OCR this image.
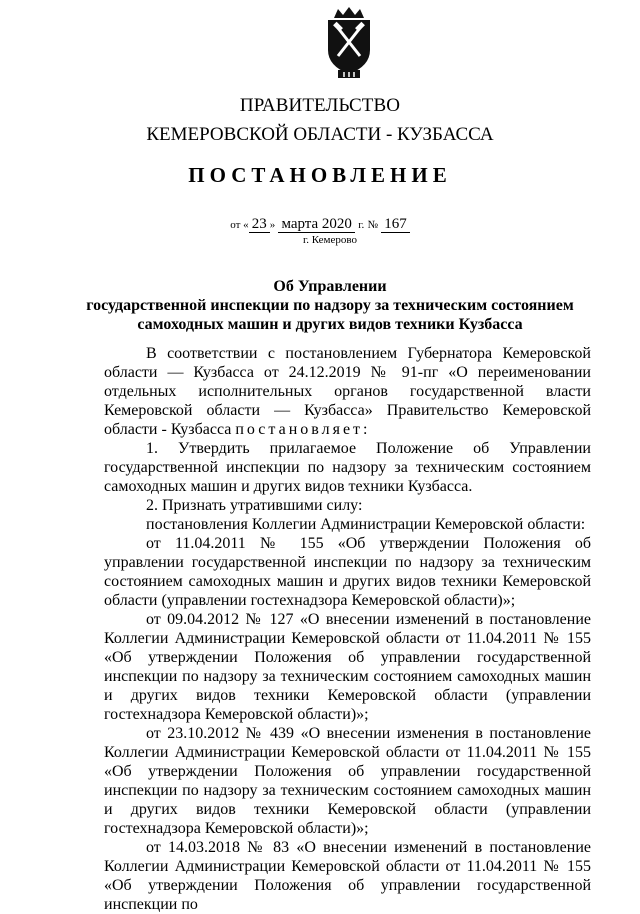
ПРАВИТЕЛЬСТВО
КЕМЕРОВСКОЙ ОБЛАСТИ - КУЗБАССА
ПОСТАНОВЛЕНИЕ
от « 23 » марта 2020 г. № 167
г. Кемерово
Об Управлении
государственной инспекции по надзору за техническим состоянием
самоходных машин и других видов техники Кузбасса

В соответствии с постановлением Губернатора Кемеровской области — Кузбасса от 24.12.2019 № 91-пг «О переименовании отдельных исполнительных органов государственной власти Кемеровской области — Кузбасса» Правительство Кемеровской области - Кузбасса постановляет:

1. Утвердить прилагаемое Положение об Управлении государственной инспекции по надзору за техническим состоянием самоходных машин и других видов техники Кузбасса.

2. Признать утратившими силу:

постановления Коллегии Администрации Кемеровской области:

от 11.04.2011 № 155 «Об утверждении Положения об управлении государственной инспекции по надзору за техническим состоянием самоходных машин и других видов техники Кемеровской области (управлении гостехнадзора Кемеровской области)»;

от 09.04.2012 № 127 «О внесении изменений в постановление Коллегии Администрации Кемеровской области от 11.04.2011 № 155 «Об утверждении Положения об управлении государственной инспекции по надзору за техническим состоянием самоходных машин и других видов техники Кемеровской области (управлении гостехнадзора Кемеровской области)»;

от 23.10.2012 № 439 «О внесении изменения в постановление Коллегии Администрации Кемеровской области от 11.04.2011 № 155 «Об утверждении Положения об управлении государственной инспекции по надзору за техническим состоянием самоходных машин и других видов техники Кемеровской области (управлении гостехнадзора Кемеровской области)»;

от 14.03.2018 № 83 «О внесении изменений в постановление Коллегии Администрации Кемеровской области от 11.04.2011 № 155 «Об утверждении Положения об управлении государственной инспекции по
